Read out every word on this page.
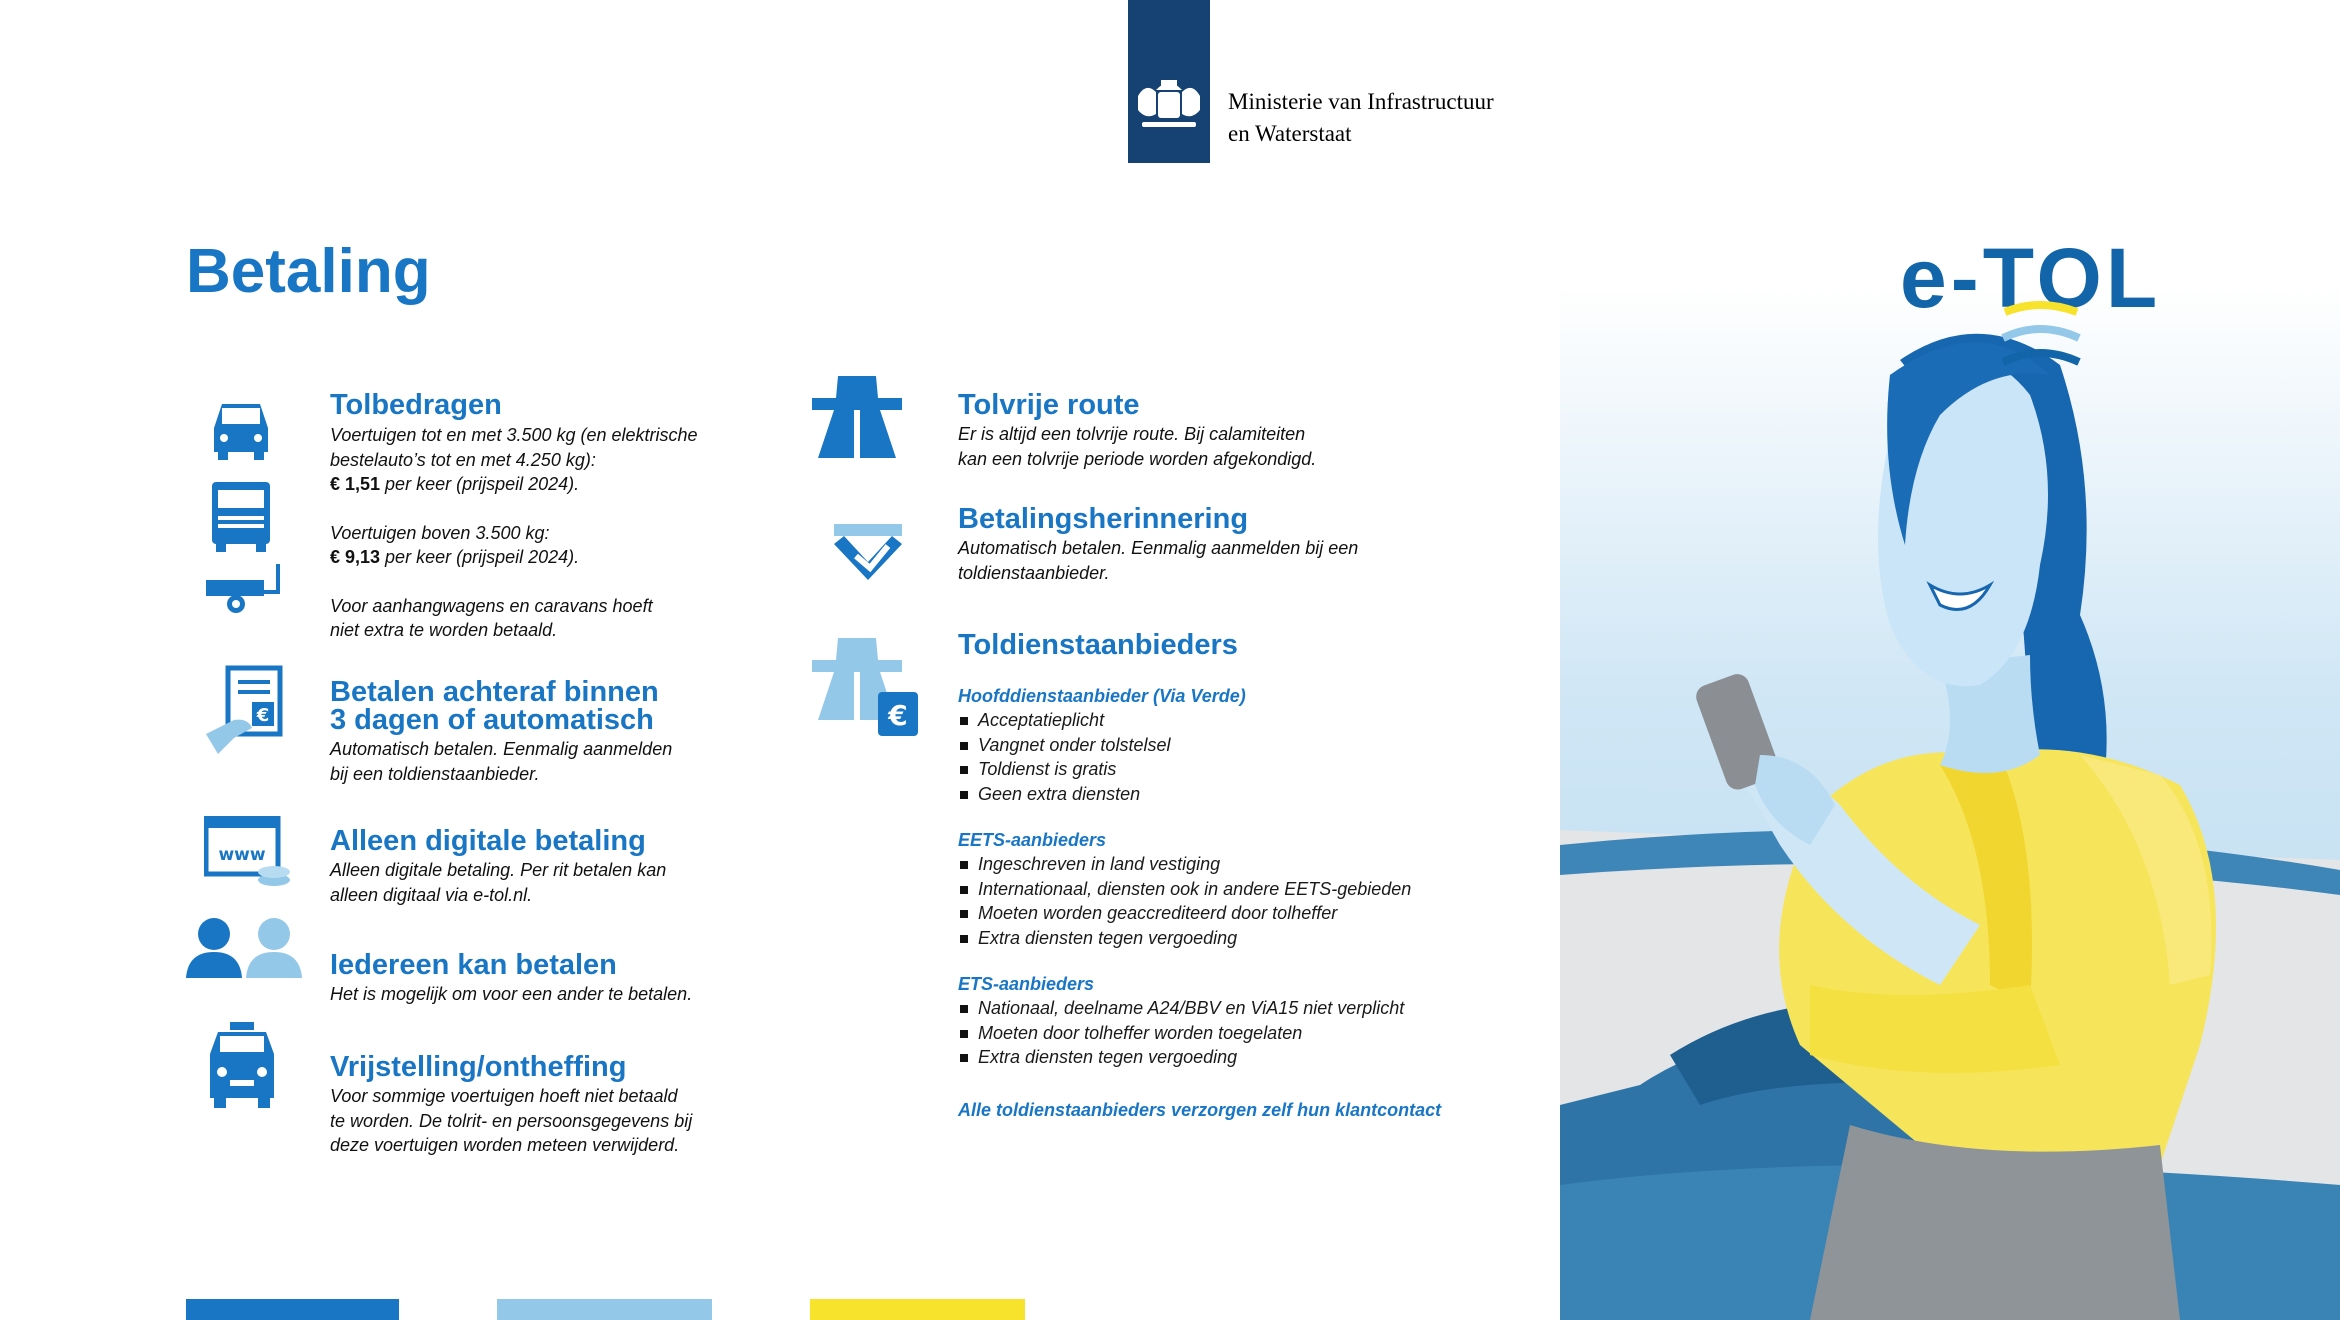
Ministerie van Infrastructuur
en Waterstaat
Betaling	e-TOL
Tolbedragen
Voertuigen tot en met 3.500 kg (en elektrische
bestelauto’s tot en met 4.250 kg):
€ 1,51 per keer (prijspeil 2024).
Voertuigen boven 3.500 kg:
€ 9,13 per keer (prijspeil 2024).
Voor aanhangwagens en caravans hoeft
niet extra te worden betaald.
€
Betalen achteraf binnen
3 dagen of automatisch
Automatisch betalen. Eenmalig aanmelden
bij een toldienstaanbieder.
www Alleen digitale betaling
Alleen digitale betaling. Per rit betalen kan
alleen digitaal via e-tol.nl.
Iedereen kan betalen
Het is mogelijk om voor een ander te betalen.
Vrijstelling/ontheffing
Voor sommige voertuigen hoeft niet betaald
te worden. De tolrit- en persoonsgegevens bij
deze voertuigen worden meteen verwijderd.
Tolvrije route
Er is altijd een tolvrije route. Bij calamiteiten
kan een tolvrije periode worden afgekondigd.
Betalingsherinnering
Automatisch betalen. Eenmalig aanmelden bij een
toldienstaanbieder.
€
Toldienstaanbieders
Hoofddienstaanbieder (Via Verde)
Acceptatieplicht
Vangnet onder tolstelsel
Toldienst is gratis
Geen extra diensten
EETS-aanbieders
Ingeschreven in land vestiging
Internationaal, diensten ook in andere EETS-gebieden
Moeten worden geaccrediteerd door tolheffer
Extra diensten tegen vergoeding
ETS-aanbieders
Nationaal, deelname A24/BBV en ViA15 niet verplicht
Moeten door tolheffer worden toegelaten
Extra diensten tegen vergoeding
Alle toldienstaanbieders verzorgen zelf hun klantcontact
